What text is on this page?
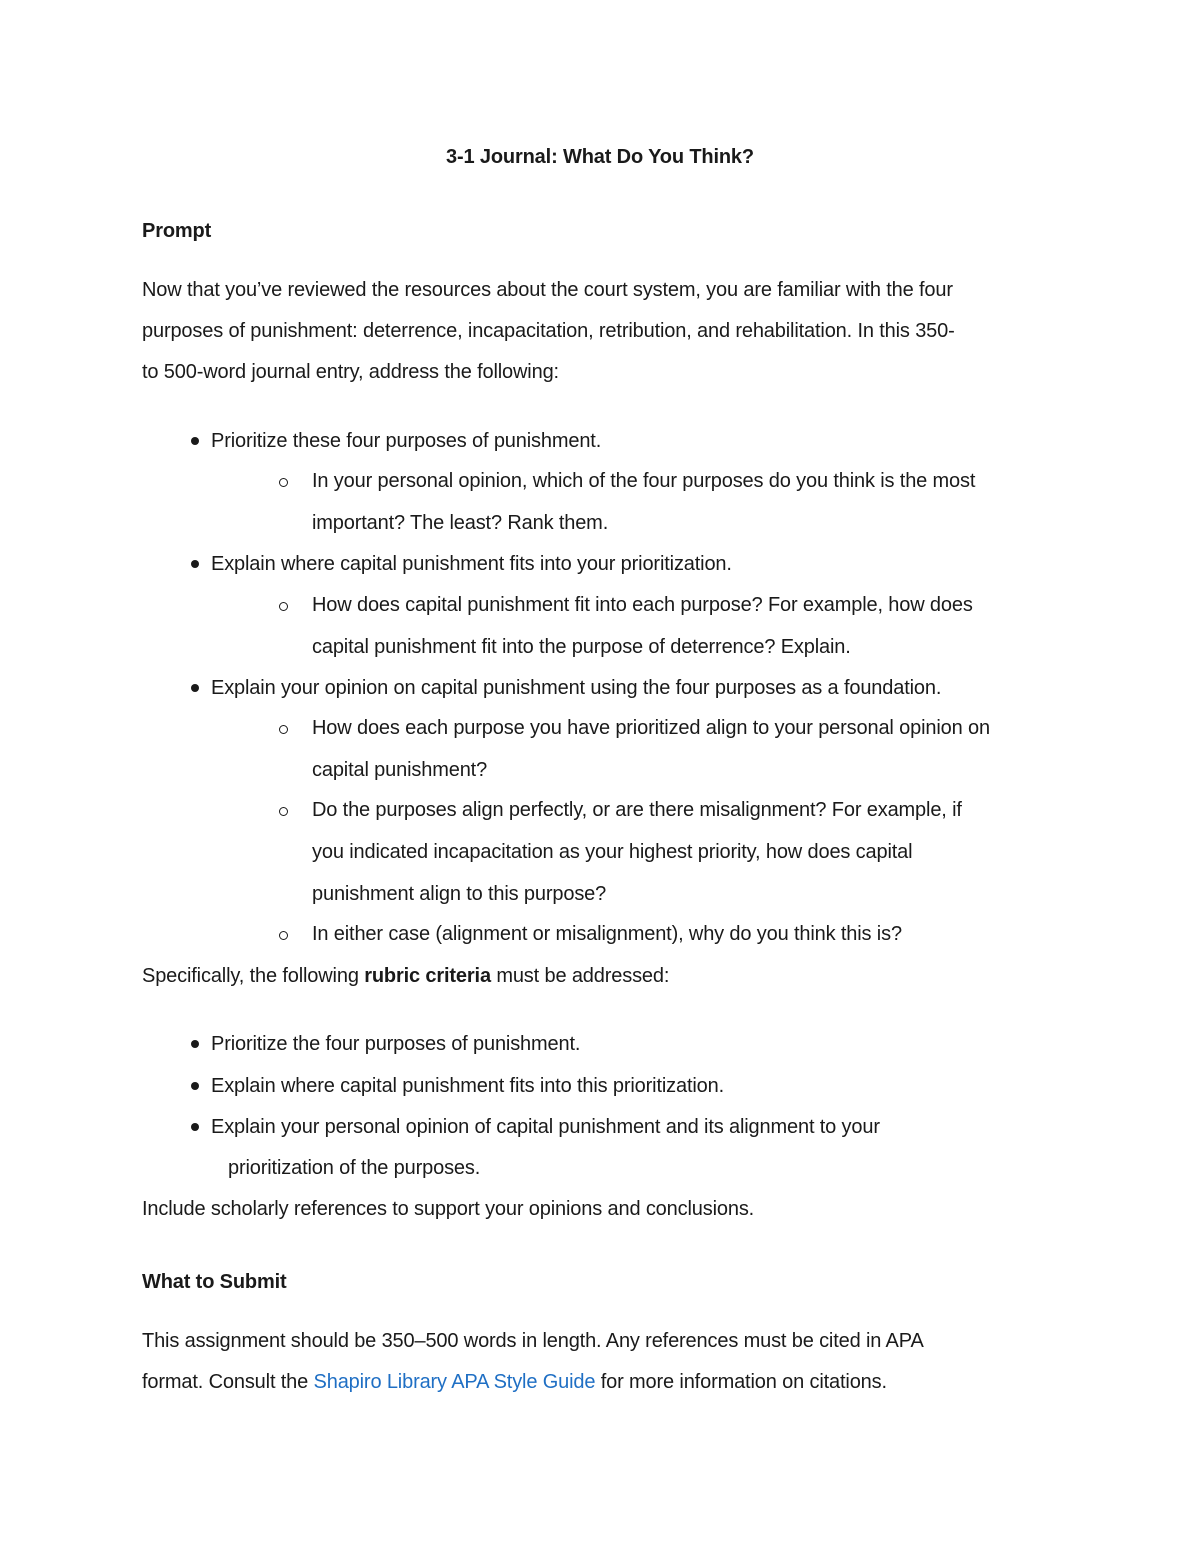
3-1 Journal: What Do You Think?
Prompt
Now that you’ve reviewed the resources about the court system, you are familiar with the four
purposes of punishment: deterrence, incapacitation, retribution, and rehabilitation. In this 350-
to 500-word journal entry, address the following:
Prioritize these four purposes of punishment.
In your personal opinion, which of the four purposes do you think is the most
important? The least? Rank them.
Explain where capital punishment fits into your prioritization.
How does capital punishment fit into each purpose? For example, how does
capital punishment fit into the purpose of deterrence? Explain.
Explain your opinion on capital punishment using the four purposes as a foundation.
How does each purpose you have prioritized align to your personal opinion on
capital punishment?
Do the purposes align perfectly, or are there misalignment? For example, if
you indicated incapacitation as your highest priority, how does capital
punishment align to this purpose?
In either case (alignment or misalignment), why do you think this is?
Specifically, the following rubric criteria must be addressed:
Prioritize the four purposes of punishment.
Explain where capital punishment fits into this prioritization.
Explain your personal opinion of capital punishment and its alignment to your
prioritization of the purposes.
Include scholarly references to support your opinions and conclusions.
What to Submit
This assignment should be 350–500 words in length. Any references must be cited in APA
format. Consult the Shapiro Library APA Style Guide for more information on citations.
